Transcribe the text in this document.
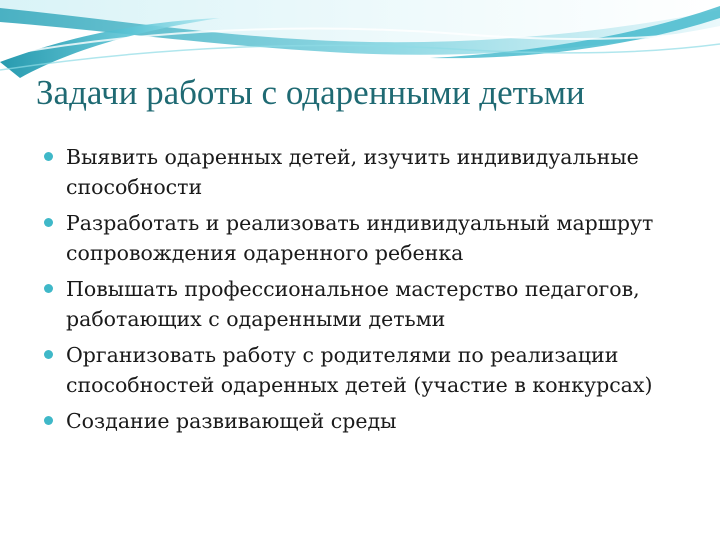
Задачи работы с одаренными детьми
Выявить одаренных детей, изучить индивидуальные способности
Разработать и реализовать индивидуальный маршрут сопровождения одаренного ребенка
Повышать профессиональное мастерство педагогов, работающих с одаренными детьми
Организовать работу с родителями по реализации способностей одаренных детей (участие в конкурсах)
Создание развивающей среды
